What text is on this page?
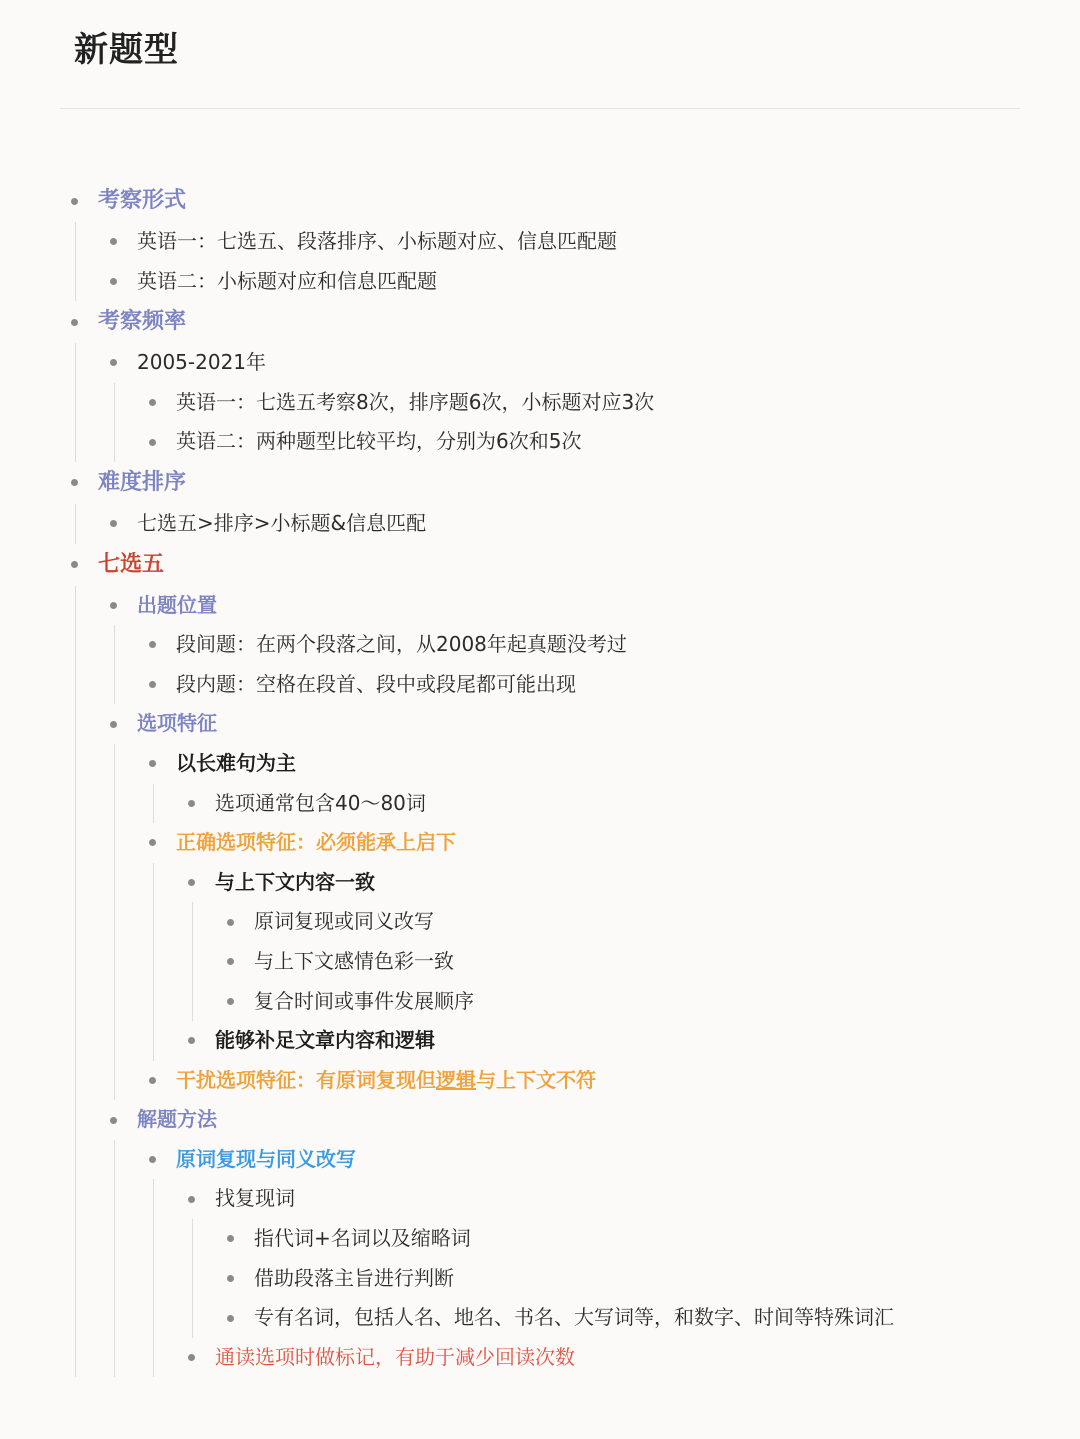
新题型
考察形式
英语一：七选五、段落排序、小标题对应、信息匹配题
英语二：小标题对应和信息匹配题
考察频率
2005-2021年
英语一：七选五考察8次，排序题6次，小标题对应3次
英语二：两种题型比较平均，分别为6次和5次
难度排序
七选五>排序>小标题&信息匹配
七选五
出题位置
段间题：在两个段落之间，从2008年起真题没考过
段内题：空格在段首、段中或段尾都可能出现
选项特征
以长难句为主
选项通常包含40～80词
正确选项特征：必须能承上启下
与上下文内容一致
原词复现或同义改写
与上下文感情色彩一致
复合时间或事件发展顺序
能够补足文章内容和逻辑
干扰选项特征：有原词复现但逻辑与上下文不符
解题方法
原词复现与同义改写
找复现词
指代词+名词以及缩略词
借助段落主旨进行判断
专有名词，包括人名、地名、书名、大写词等，和数字、时间等特殊词汇
通读选项时做标记，有助于减少回读次数
